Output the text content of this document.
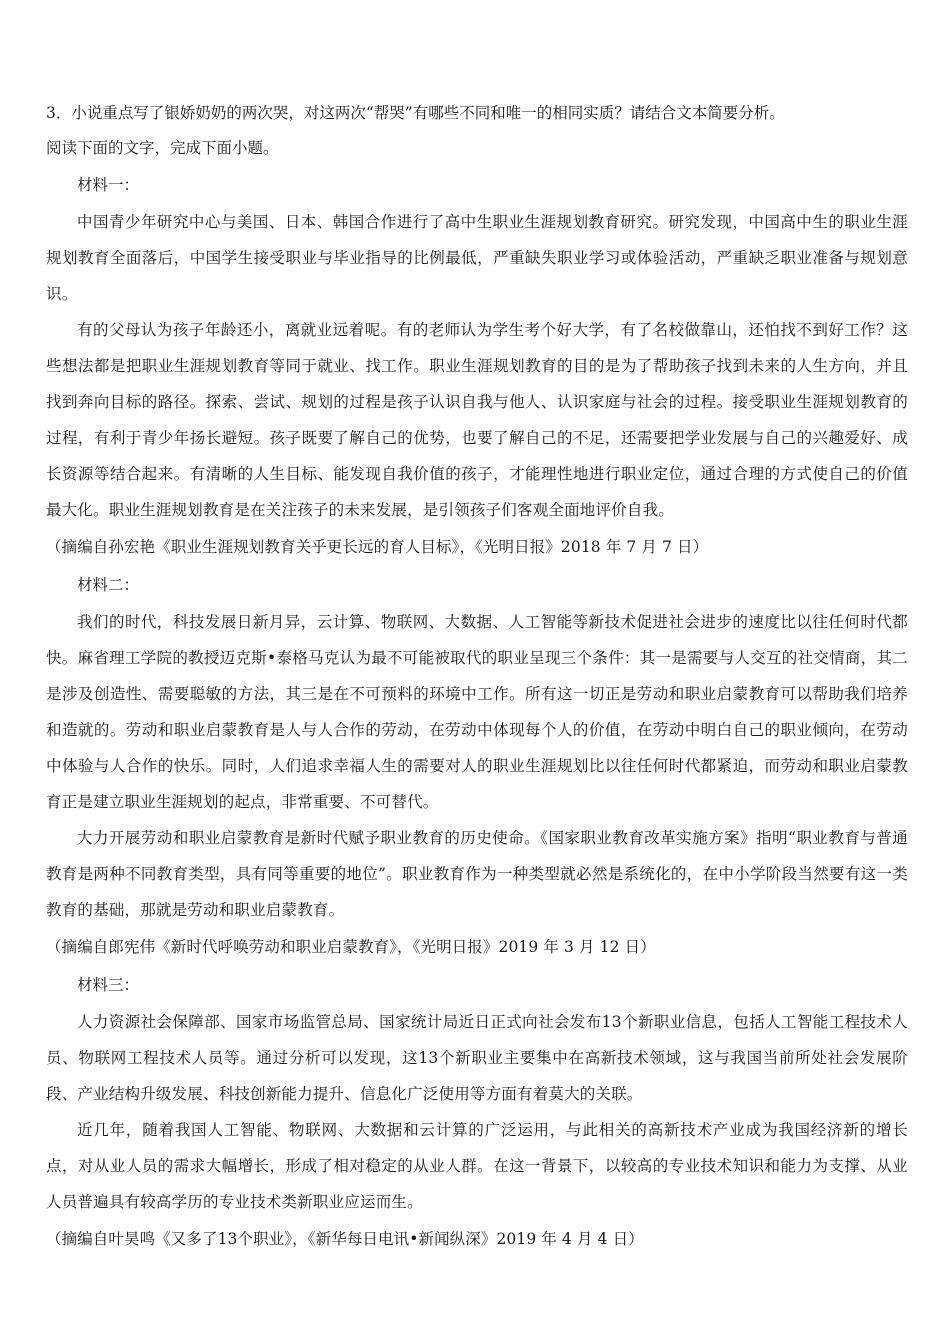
3．小说重点写了银娇奶奶的两次哭，对这两次“帮哭”有哪些不同和唯一的相同实质？请结合文本简要分析。
阅读下面的文字，完成下面小题。
材料一：

中国青少年研究中心与美国、日本、韩国合作进行了高中生职业生涯规划教育研究。研究发现，中国高中生的职业生涯规划教育全面落后，中国学生接受职业与毕业指导的比例最低，严重缺失职业学习或体验活动，严重缺乏职业准备与规划意识。

有的父母认为孩子年龄还小，离就业远着呢。有的老师认为学生考个好大学，有了名校做靠山，还怕找不到好工作？这些想法都是把职业生涯规划教育等同于就业、找工作。职业生涯规划教育的目的是为了帮助孩子找到未来的人生方向，并且找到奔向目标的路径。探索、尝试、规划的过程是孩子认识自我与他人、认识家庭与社会的过程。接受职业生涯规划教育的过程，有利于青少年扬长避短。孩子既要了解自己的优势，也要了解自己的不足，还需要把学业发展与自己的兴趣爱好、成长资源等结合起来。有清晰的人生目标、能发现自我价值的孩子，才能理性地进行职业定位，通过合理的方式使自己的价值最大化。职业生涯规划教育是在关注孩子的未来发展，是引领孩子们客观全面地评价自我。

（摘编自孙宏艳《职业生涯规划教育关乎更长远的育人目标》，《光明日报》2018 年 7 月 7 日）
材料二：

我们的时代，科技发展日新月异，云计算、物联网、大数据、人工智能等新技术促进社会进步的速度比以往任何时代都快。麻省理工学院的教授迈克斯•泰格马克认为最不可能被取代的职业呈现三个条件：其一是需要与人交互的社交情商，其二是涉及创造性、需要聪敏的方法，其三是在不可预料的环境中工作。所有这一切正是劳动和职业启蒙教育可以帮助我们培养和造就的。劳动和职业启蒙教育是人与人合作的劳动，在劳动中体现每个人的价值，在劳动中明白自己的职业倾向，在劳动中体验与人合作的快乐。同时，人们追求幸福人生的需要对人的职业生涯规划比以往任何时代都紧迫，而劳动和职业启蒙教育正是建立职业生涯规划的起点，非常重要、不可替代。

大力开展劳动和职业启蒙教育是新时代赋予职业教育的历史使命。《国家职业教育改革实施方案》指明“职业教育与普通教育是两种不同教育类型，具有同等重要的地位”。职业教育作为一种类型就必然是系统化的，在中小学阶段当然要有这一类教育的基础，那就是劳动和职业启蒙教育。

（摘编自郎宪伟《新时代呼唤劳动和职业启蒙教育》，《光明日报》2019 年 3 月 12 日）
材料三：

人力资源社会保障部、国家市场监管总局、国家统计局近日正式向社会发布13个新职业信息，包括人工智能工程技术人员、物联网工程技术人员等。通过分析可以发现，这13个新职业主要集中在高新技术领域，这与我国当前所处社会发展阶段、产业结构升级发展、科技创新能力提升、信息化广泛使用等方面有着莫大的关联。

近几年，随着我国人工智能、物联网、大数据和云计算的广泛运用，与此相关的高新技术产业成为我国经济新的增长点，对从业人员的需求大幅增长，形成了相对稳定的从业人群。在这一背景下，以较高的专业技术知识和能力为支撑、从业人员普遍具有较高学历的专业技术类新职业应运而生。

（摘编自叶昊鸣《又多了13个职业》，《新华每日电讯•新闻纵深》2019 年 4 月 4 日）
